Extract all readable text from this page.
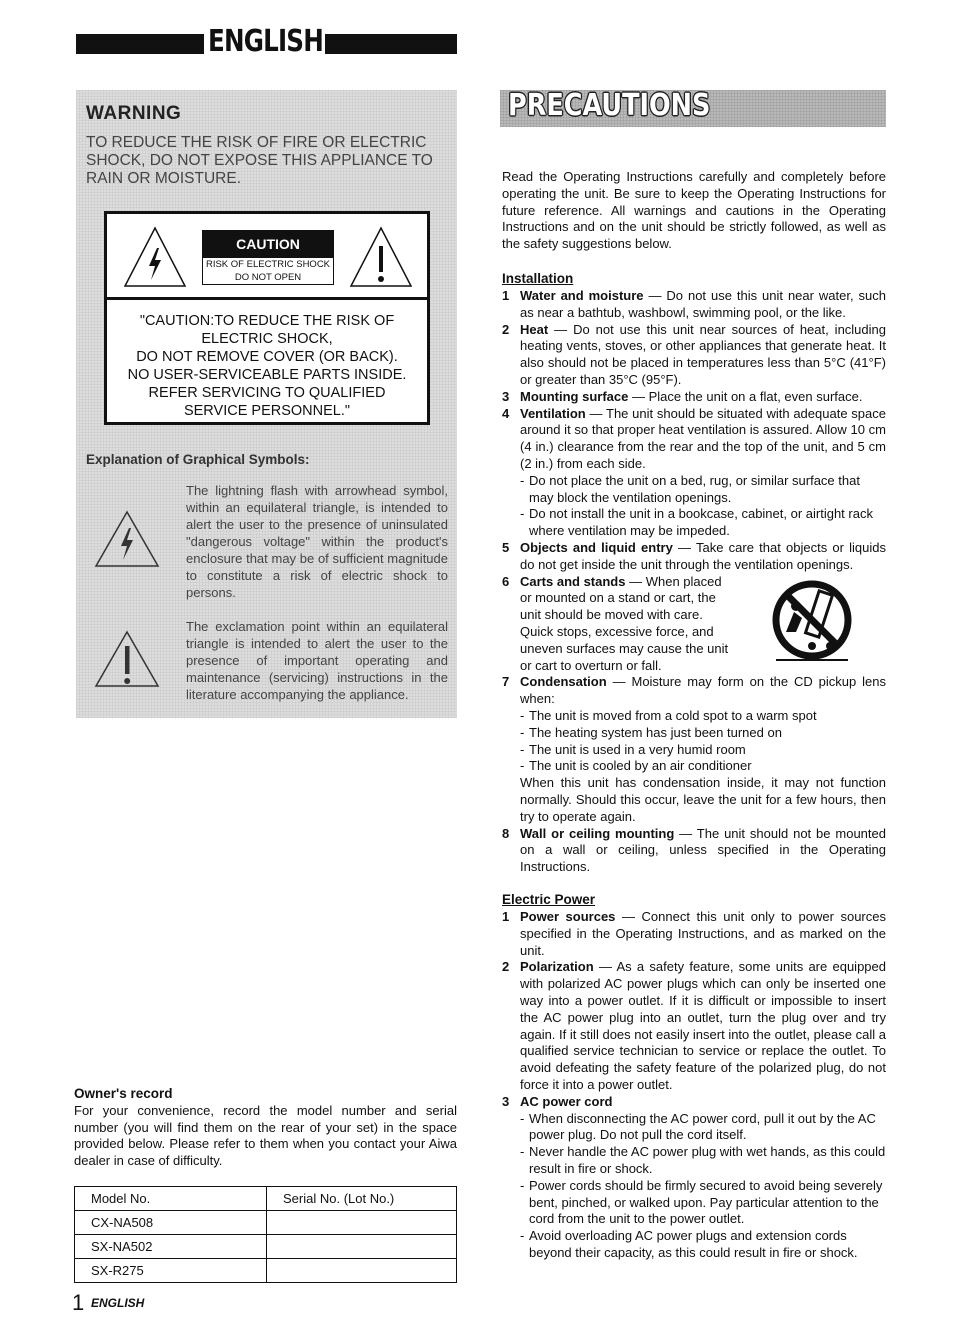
ENGLISH
WARNING
TO REDUCE THE RISK OF FIRE OR ELECTRIC SHOCK, DO NOT EXPOSE THIS APPLIANCE TO RAIN OR MOISTURE.
CAUTION
RISK OF ELECTRIC SHOCK
DO NOT OPEN
"CAUTION:TO REDUCE THE RISK OF
ELECTRIC SHOCK,
DO NOT REMOVE COVER (OR BACK).
NO USER-SERVICEABLE PARTS INSIDE.
REFER SERVICING TO QUALIFIED
SERVICE PERSONNEL."
Explanation of Graphical Symbols:
The lightning flash with arrowhead symbol, within an equilateral triangle, is intended to alert the user to the presence of uninsulated "dangerous voltage" within the product's enclosure that may be of sufficient magnitude to constitute a risk of electric shock to persons.
The exclamation point within an equilateral triangle is intended to alert the user to the presence of important operating and maintenance (servicing) instructions in the literature accompanying the appliance.
Owner's record
For your convenience, record the model number and serial number (you will find them on the rear of your set) in the space provided below. Please refer to them when you contact your Aiwa dealer in case of difficulty.
Model No.	Serial No. (Lot No.)
CX-NA508	
SX-NA502	
SX-R275	
1 ENGLISH
PRECAUTIONS
Read the Operating Instructions carefully and completely before operating the unit. Be sure to keep the Operating Instructions for future reference. All warnings and cautions in the Operating Instructions and on the unit should be strictly followed, as well as the safety suggestions below.
Installation
1 Water and moisture — Do not use this unit near water, such as near a bathtub, washbowl, swimming pool, or the like.
2 Heat — Do not use this unit near sources of heat, including heating vents, stoves, or other appliances that generate heat. It also should not be placed in temperatures less than 5°C (41°F) or greater than 35°C (95°F).
3 Mounting surface — Place the unit on a flat, even surface.
4 Ventilation — The unit should be situated with adequate space around it so that proper heat ventilation is assured. Allow 10 cm (4 in.) clearance from the rear and the top of the unit, and 5 cm (2 in.) from each side.
- Do not place the unit on a bed, rug, or similar surface that may block the ventilation openings.
- Do not install the unit in a bookcase, cabinet, or airtight rack where ventilation may be impeded.
5 Objects and liquid entry — Take care that objects or liquids do not get inside the unit through the ventilation openings.
6 Carts and stands — When placed or mounted on a stand or cart, the unit should be moved with care. Quick stops, excessive force, and uneven surfaces may cause the unit or cart to overturn or fall.
7 Condensation — Moisture may form on the CD pickup lens when:
- The unit is moved from a cold spot to a warm spot
- The heating system has just been turned on
- The unit is used in a very humid room
- The unit is cooled by an air conditioner
When this unit has condensation inside, it may not function normally. Should this occur, leave the unit for a few hours, then try to operate again.
8 Wall or ceiling mounting — The unit should not be mounted on a wall or ceiling, unless specified in the Operating Instructions.
Electric Power
1 Power sources — Connect this unit only to power sources specified in the Operating Instructions, and as marked on the unit.
2 Polarization — As a safety feature, some units are equipped with polarized AC power plugs which can only be inserted one way into a power outlet. If it is difficult or impossible to insert the AC power plug into an outlet, turn the plug over and try again. If it still does not easily insert into the outlet, please call a qualified service technician to service or replace the outlet. To avoid defeating the safety feature of the polarized plug, do not force it into a power outlet.
3 AC power cord
- When disconnecting the AC power cord, pull it out by the AC power plug. Do not pull the cord itself.
- Never handle the AC power plug with wet hands, as this could result in fire or shock.
- Power cords should be firmly secured to avoid being severely bent, pinched, or walked upon. Pay particular attention to the cord from the unit to the power outlet.
- Avoid overloading AC power plugs and extension cords beyond their capacity, as this could result in fire or shock.
